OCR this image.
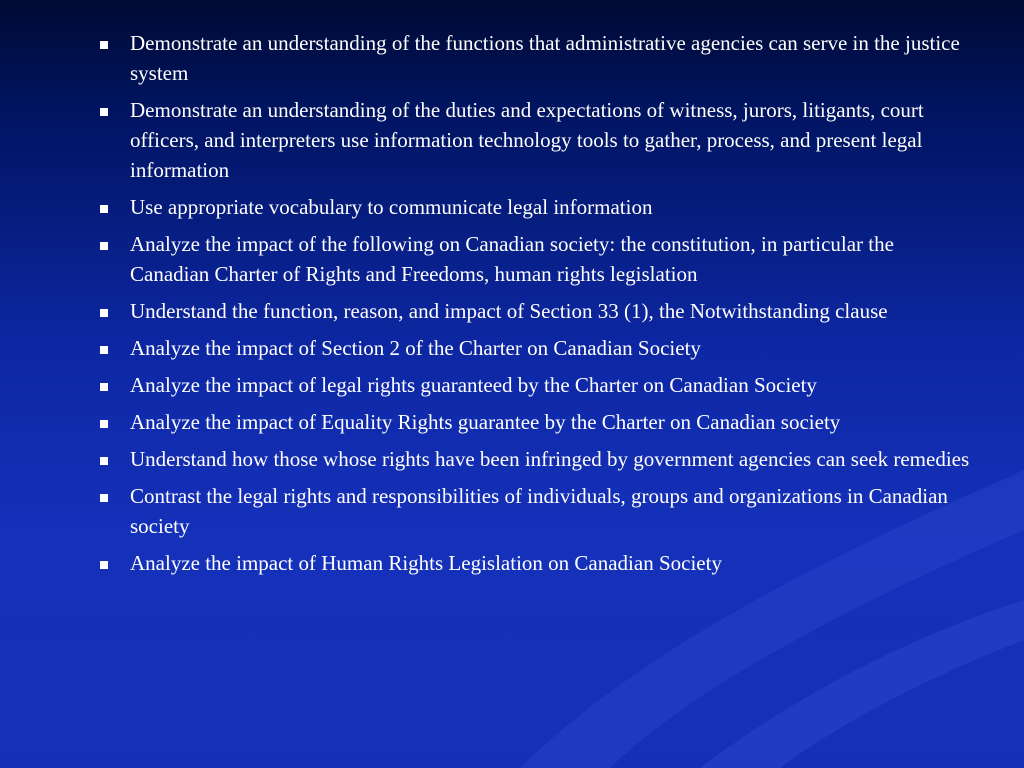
Demonstrate an understanding of the functions that administrative agencies can serve in the justice system
Demonstrate an understanding of the duties and expectations of witness, jurors, litigants, court officers, and interpreters use information technology tools to gather, process, and present legal information
Use appropriate vocabulary to communicate legal information
Analyze the impact of the following on Canadian society: the constitution, in particular the Canadian Charter of Rights and Freedoms, human rights legislation
Understand the function, reason, and impact of Section 33 (1), the Notwithstanding clause
Analyze the impact of Section 2 of the Charter on Canadian Society
Analyze the impact of legal rights guaranteed by the Charter on Canadian Society
Analyze the impact of Equality Rights guarantee by the Charter on Canadian society
Understand how those whose rights have been infringed by government agencies can seek remedies
Contrast the legal rights and responsibilities of individuals, groups and organizations in Canadian society
Analyze the impact of Human Rights Legislation on Canadian Society
